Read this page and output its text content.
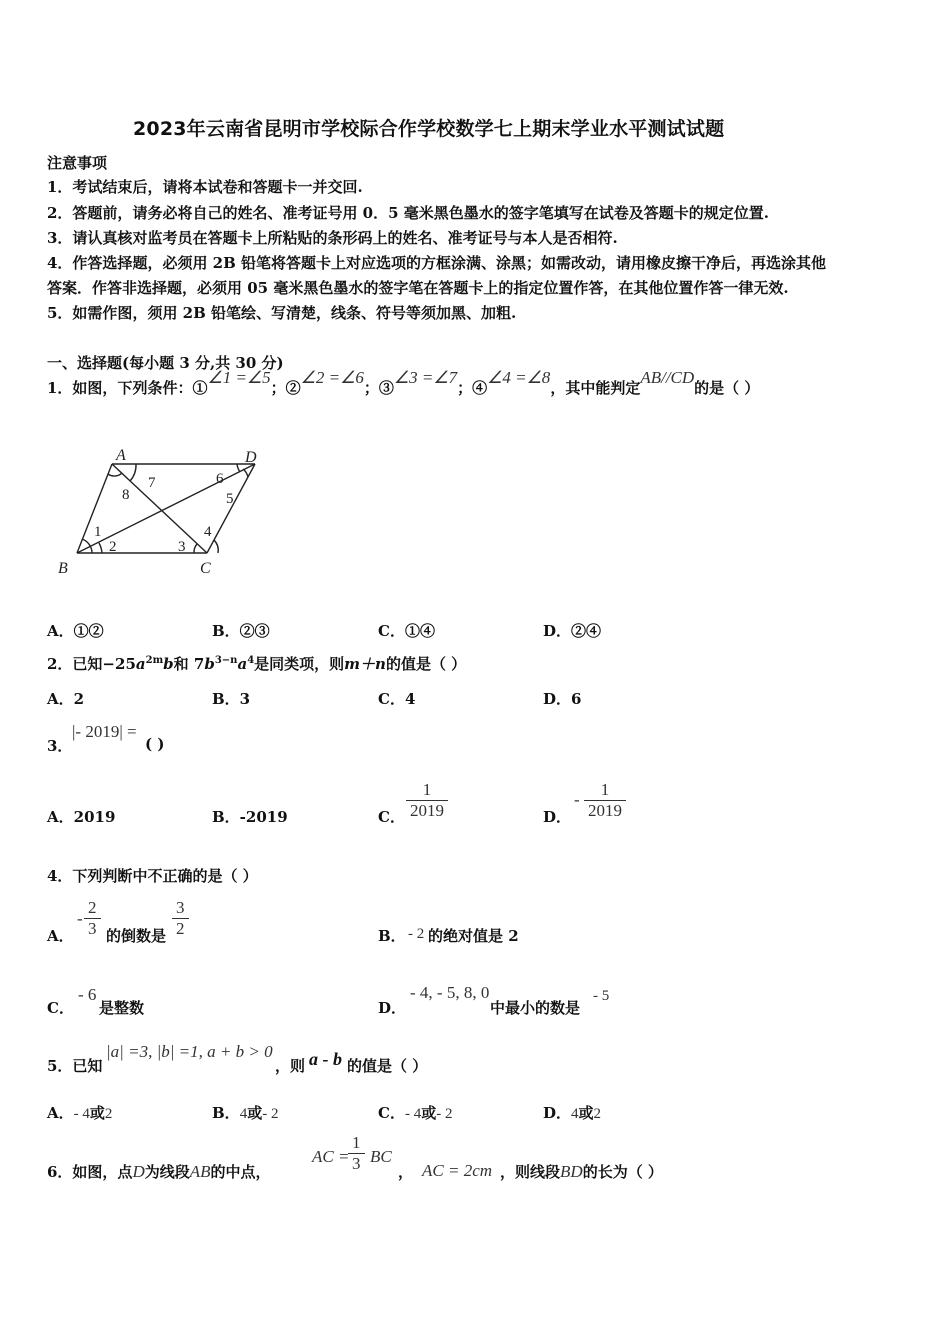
2023年云南省昆明市学校际合作学校数学七上期末学业水平测试试题
注意事项
1．考试结束后，请将本试卷和答题卡一并交回.
2．答题前，请务必将自己的姓名、准考证号用 0．5 毫米黑色墨水的签字笔填写在试卷及答题卡的规定位置.
3．请认真核对监考员在答题卡上所粘贴的条形码上的姓名、准考证号与本人是否相符.
4．作答选择题，必须用 2B 铅笔将答题卡上对应选项的方框涂满、涂黑；如需改动，请用橡皮擦干净后，再选涂其他
答案．作答非选择题，必须用 05 毫米黑色墨水的签字笔在答题卡上的指定位置作答，在其他位置作答一律无效.
5．如需作图，须用 2B 铅笔绘、写清楚，线条、符号等须加黑、加粗.
一、选择题(每小题 3 分,共 30 分)
1．如图，下列条件：①∠1 =∠5；②∠2 =∠6；③∠3 =∠7；④∠4 =∠8，其中能判定AB//CD的是（ ）
A	D
B	C
1
2	3
4
5
6
7
8
A．①②	B．②③	C．①④	D．②④
2．已知$-25a^{2m}b$和 $7b^{3-n}a^4$是同类项，则m＋n的值是（ ）
A．2	B．3	C．4	D．6
3．
|- 2019| =
( )
A．2019	B．-2019	C． $\frac{1}{2019}$	D．
- $\frac{1}{2019}$
4．下列判断中不正确的是（ ）
A．
- $\frac{2}{3}$ 的倒数是 $\frac{3}{2}$	B． - 2 的绝对值是 2
C．
- 6
是整数	D．
- 4, - 5, 8, 0
中最小的数是
- 5
5．已知
|a| =3, |b| =1, a + b > 0
，则 a - b 的值是（ ）
A．- 4或2	B．4或- 2	C．- 4或- 2	D．4或2
6．如图，点D为线段AB的中点，
AC =
$\frac{1}{3}$ BC
， AC = 2cm ，则线段BD的长为（ ）
